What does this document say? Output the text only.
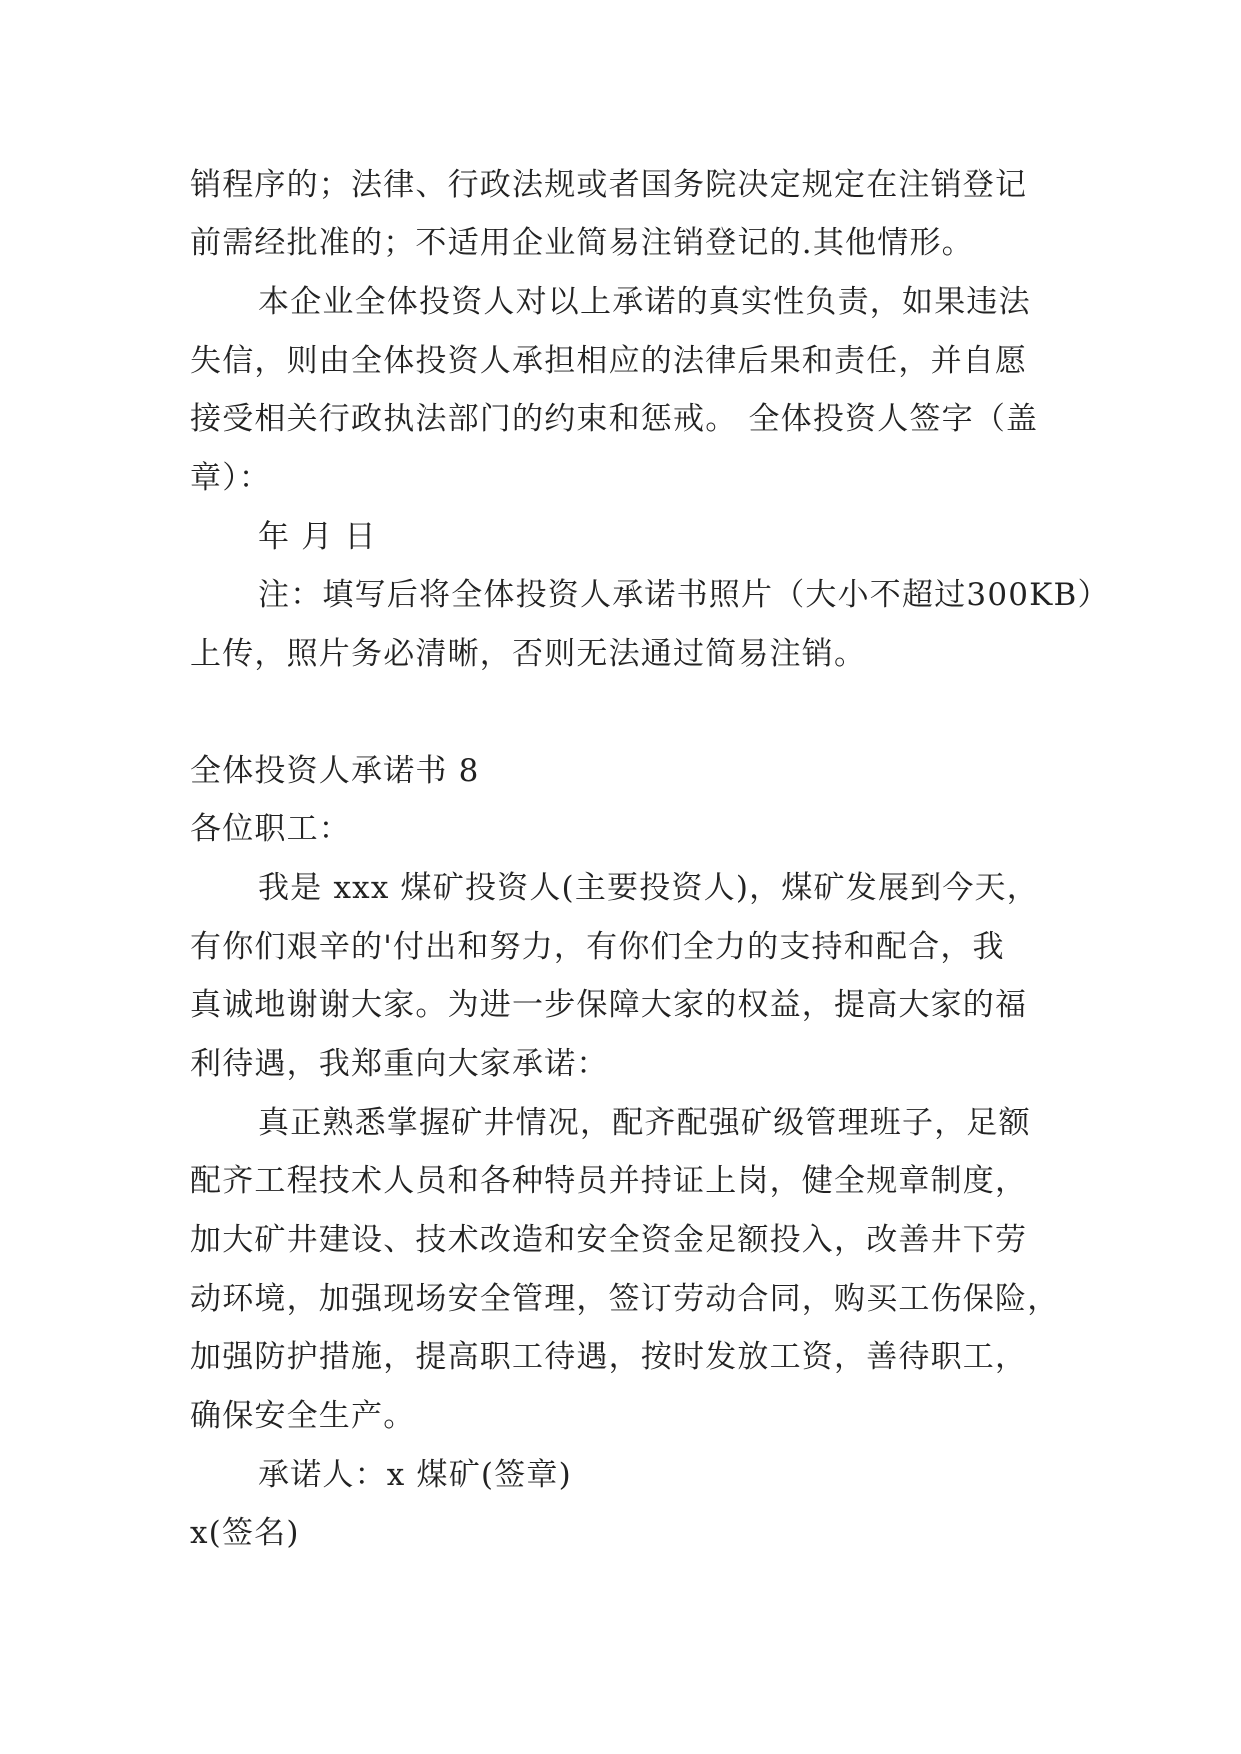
销程序的；法律、行政法规或者国务院决定规定在注销登记
前需经批准的；不适用企业简易注销登记的.其他情形。
本企业全体投资人对以上承诺的真实性负责，如果违法
失信，则由全体投资人承担相应的法律后果和责任，并自愿
接受相关行政执法部门的约束和惩戒。 全体投资人签字（盖
章）：
年 月 日
注：填写后将全体投资人承诺书照片（大小不超过300KB）
上传，照片务必清晰，否则无法通过简易注销。
全体投资人承诺书 8
各位职工：
我是 xxx 煤矿投资人(主要投资人)，煤矿发展到今天，
有你们艰辛的'付出和努力，有你们全力的支持和配合，我
真诚地谢谢大家。为进一步保障大家的权益，提高大家的福
利待遇，我郑重向大家承诺：
真正熟悉掌握矿井情况，配齐配强矿级管理班子，足额
配齐工程技术人员和各种特员并持证上岗，健全规章制度，
加大矿井建设、技术改造和安全资金足额投入，改善井下劳
动环境，加强现场安全管理，签订劳动合同，购买工伤保险，
加强防护措施，提高职工待遇，按时发放工资，善待职工，
确保安全生产。
承诺人：x 煤矿(签章)
x(签名)
